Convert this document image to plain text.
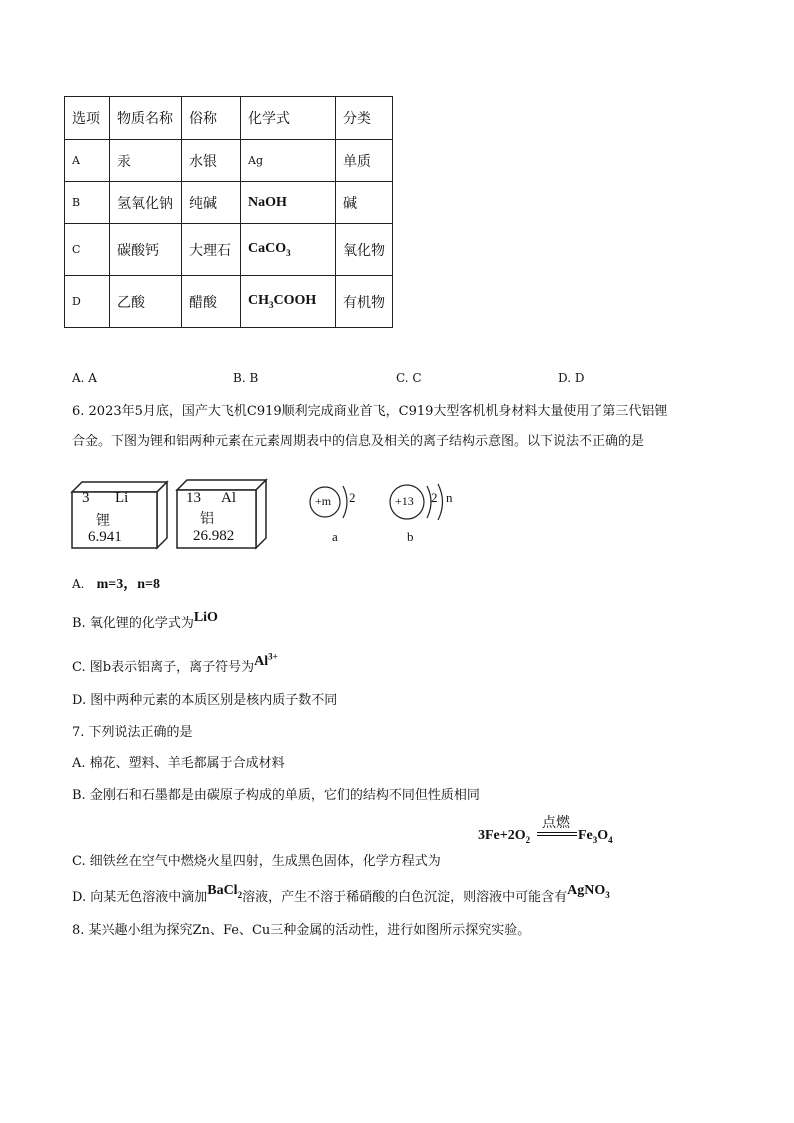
选项	物质名称	俗称	化学式	分类
A	汞	水银	Ag	单质
B	氢氧化钠	纯碱	NaOH	碱
C	碳酸钙	大理石	CaCO$_3$	氧化物
D	乙酸	醋酸	$CH_3COOH$	有机物
A. A	B. B	C. C	D. D
6. 2023年5月底，国产大飞机C919顺利完成商业首飞，C919大型客机机身材料大量使用了第三代铝锂
合金。下图为锂和铝两种元素在元素周期表中的信息及相关的离子结构示意图。以下说法不正确的是
3 Li
锂
6.941
13 Al
铝
26.982
+m 2
a
+13 2 n
b
A. m=3，n=8
B. 氧化锂的化学式为LiO
C. 图b表示铝离子，离子符号为$Al^{3+}$
D. 图中两种元素的本质区别是核内质子数不同
7. 下列说法正确的是
A. 棉花、塑料、羊毛都属于合成材料
B. 金刚石和石墨都是由碳原子构成的单质，它们的结构不同但性质相同
$3Fe+2O_2$
点燃
$Fe_3O_4$
C. 细铁丝在空气中燃烧火星四射，生成黑色固体，化学方程式为
D. 向某无色溶液中滴加BaCl$_2$溶液，产生不溶于稀硝酸的白色沉淀，则溶液中可能含有AgNO$_3$
8. 某兴趣小组为探究Zn、Fe、Cu三种金属的活动性，进行如图所示探究实验。
